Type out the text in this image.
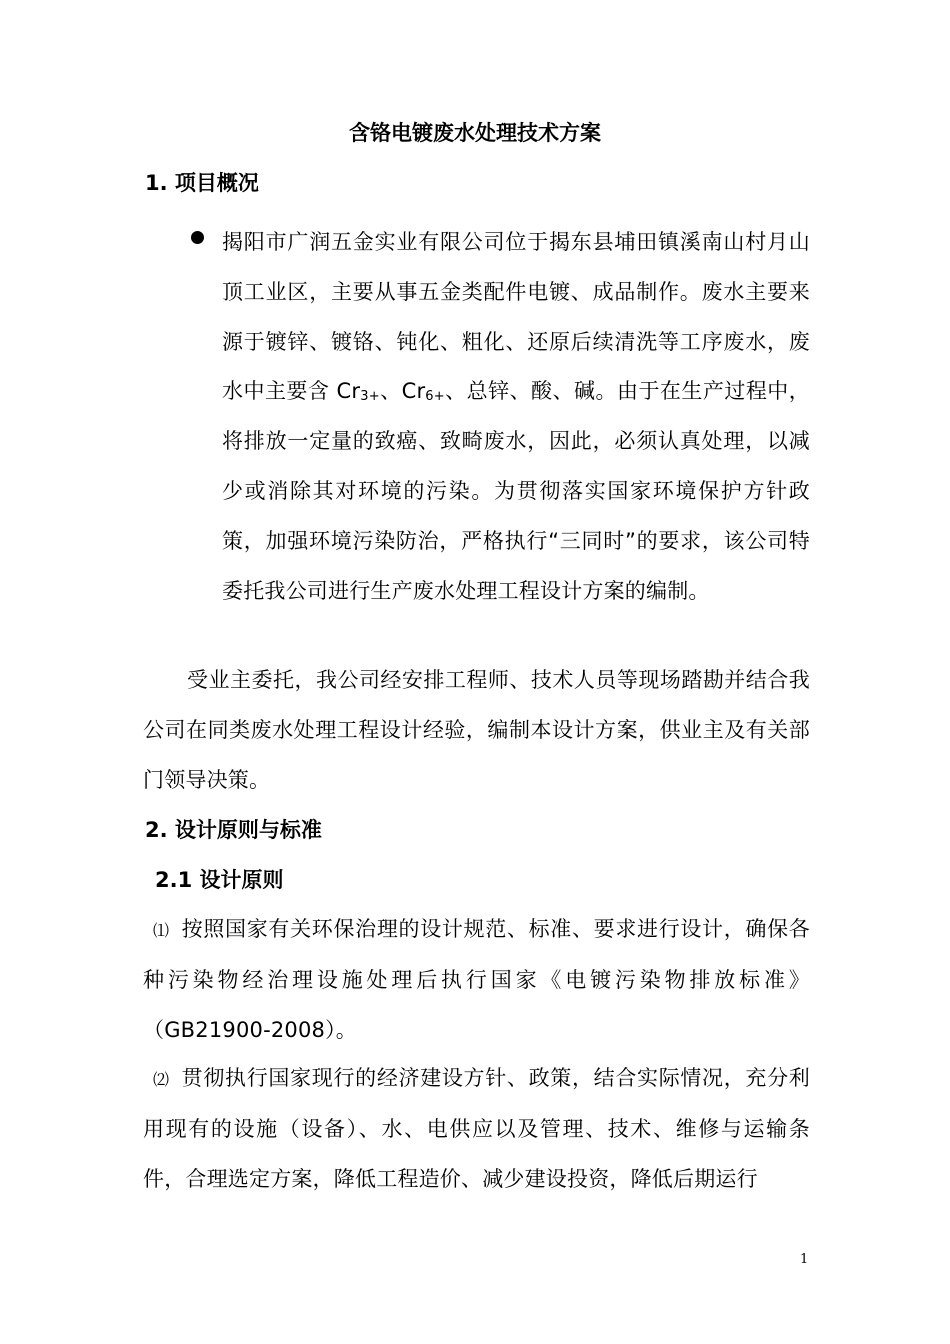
含铬电镀废水处理技术方案
1. 项目概况
揭阳市广润五金实业有限公司位于揭东县埔田镇溪南山村月山顶工业区，主要从事五金类配件电镀、成品制作。废水主要来源于镀锌、镀铬、钝化、粗化、还原后续清洗等工序废水，废水中主要含 $Cr_{3+}$、$Cr_{6+}$、总锌、酸、碱。由于在生产过程中，将排放一定量的致癌、致畸废水，因此，必须认真处理，以减少或消除其对环境的污染。为贯彻落实国家环境保护方针政策，加强环境污染防治，严格执行“三同时”的要求，该公司特委托我公司进行生产废水处理工程设计方案的编制。
受业主委托，我公司经安排工程师、技术人员等现场踏勘并结合我公司在同类废水处理工程设计经验，编制本设计方案，供业主及有关部门领导决策。
2. 设计原则与标准
2.1 设计原则
⑴ 按照国家有关环保治理的设计规范、标准、要求进行设计，确保各种污染物经治理设施处理后执行国家《电镀污染物排放标准》（GB21900-2008）。
⑵ 贯彻执行国家现行的经济建设方针、政策，结合实际情况，充分利用现有的设施（设备）、水、电供应以及管理、技术、维修与运输条件，合理选定方案，降低工程造价、减少建设投资，降低后期运行
1
